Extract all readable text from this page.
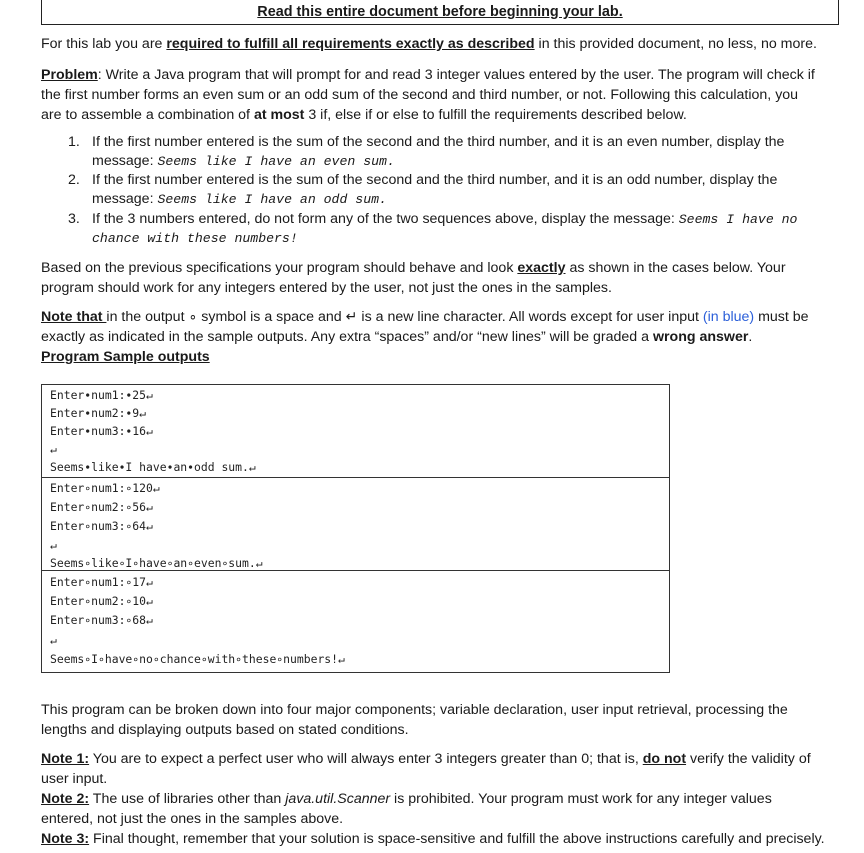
Read this entire document before beginning your lab.
For this lab you are required to fulfill all requirements exactly as described in this provided document, no less, no more.
Problem: Write a Java program that will prompt for and read 3 integer values entered by the user. The program will check if
the first number forms an even sum or an odd sum of the second and third number, or not. Following this calculation, you
are to assemble a combination of at most 3 if, else if or else to fulfill the requirements described below.
1. If the first number entered is the sum of the second and the third number, and it is an even number, display the
message: Seems like I have an even sum.
2. If the first number entered is the sum of the second and the third number, and it is an odd number, display the
message: Seems like I have an odd sum.
3. If the 3 numbers entered, do not form any of the two sequences above, display the message: Seems I have no
chance with these numbers!
Based on the previous specifications your program should behave and look exactly as shown in the cases below. Your
program should work for any integers entered by the user, not just the ones in the samples.
Note that in the output ∘ symbol is a space and ↵ is a new line character. All words except for user input (in blue) must be
exactly as indicated in the sample outputs. Any extra “spaces” and/or “new lines” will be graded a wrong answer.
Program Sample outputs
Enter∙num1:∙25↵
Enter∙num2:∙9↵
Enter∙num3:∙16↵
↵
Seems∙like∙I have∙an∙odd sum.↵
Enter∘num1:∘120↵
Enter∘num2:∘56↵
Enter∘num3:∘64↵
↵
Seems∘like∘I∘have∘an∘even∘sum.↵
Enter∘num1:∘17↵
Enter∘num2:∘10↵
Enter∘num3:∘68↵
↵
Seems∘I∘have∘no∘chance∘with∘these∘numbers!↵
This program can be broken down into four major components; variable declaration, user input retrieval, processing the
lengths and displaying outputs based on stated conditions.
Note 1: You are to expect a perfect user who will always enter 3 integers greater than 0; that is, do not verify the validity of
user input.
Note 2: The use of libraries other than java.util.Scanner is prohibited. Your program must work for any integer values
entered, not just the ones in the samples above.
Note 3: Final thought, remember that your solution is space-sensitive and fulfill the above instructions carefully and precisely.
